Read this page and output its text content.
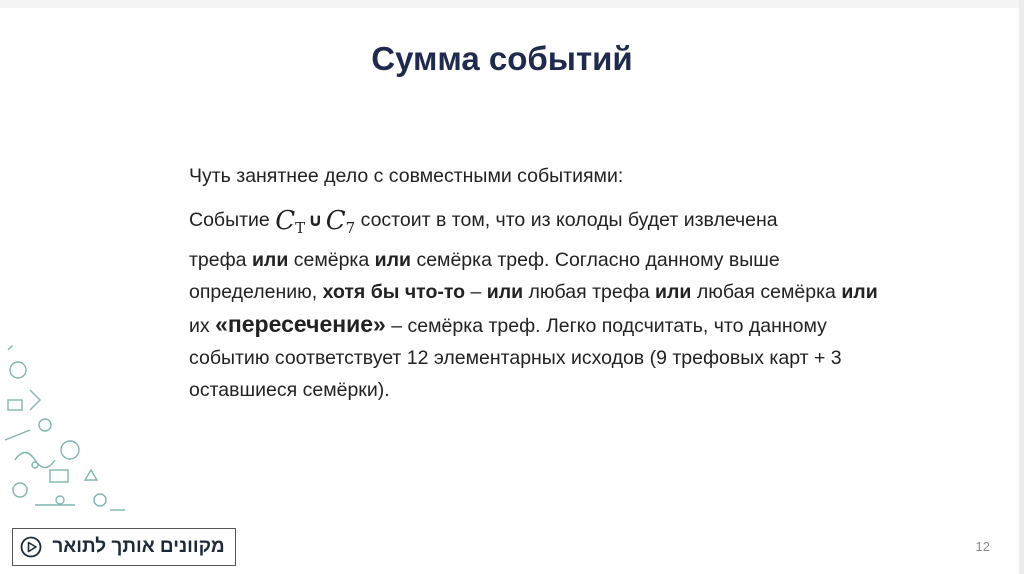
Сумма событий

Чуть занятнее дело с совместными событиями:

Событие $C_Т$ ∪ $C_7$ состоит в том, что из колоды будет извлечена
трефа или семёрка или семёрка треф. Согласно данному выше
определению, хотя бы что-то – или любая трефа или любая семёрка или
их «пересечение» – семёрка треф. Легко подсчитать, что данному
событию соответствует 12 элементарных исходов (9 трефовых карт + 3
оставшиеся семёрки).

מקוונים אותך לתואר	12
